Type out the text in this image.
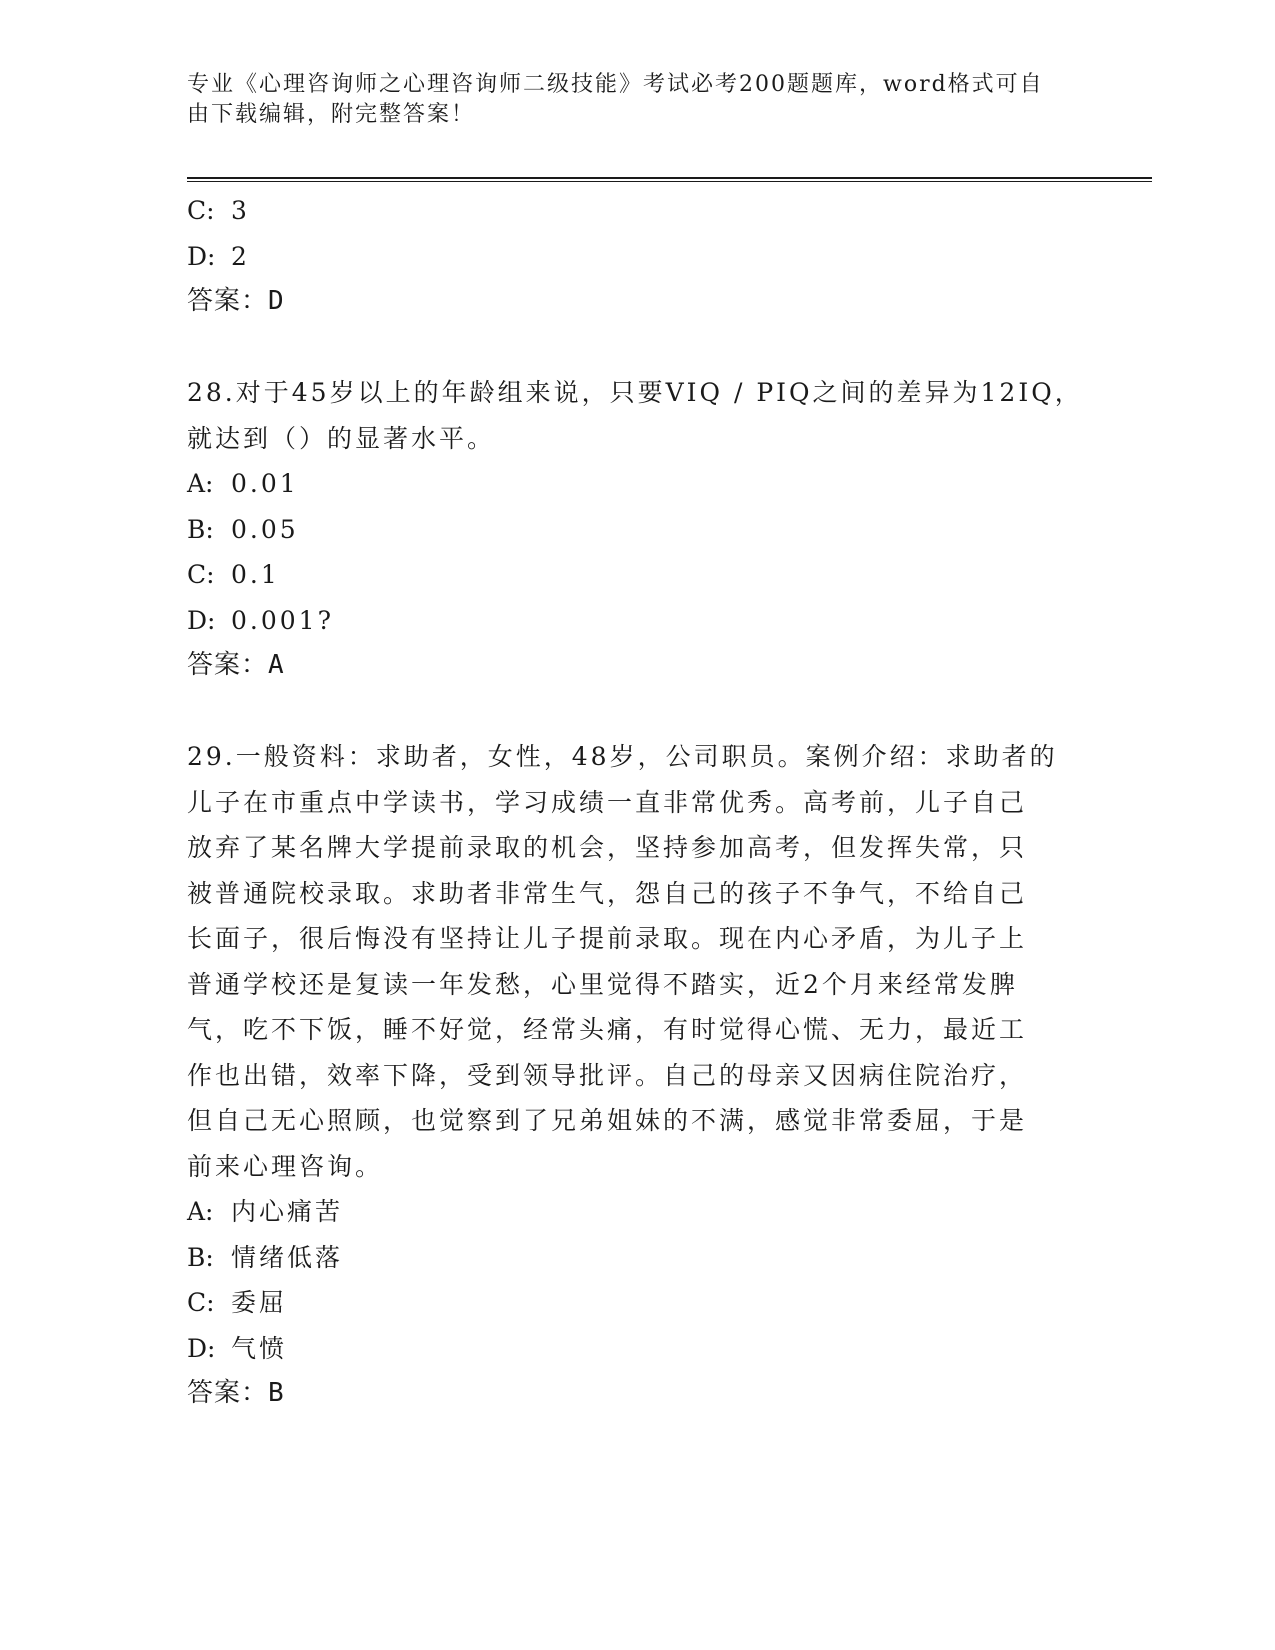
专业《心理咨询师之心理咨询师二级技能》考试必考200题题库，word格式可自
由下载编辑，附完整答案！
C: 3
D: 2
答案：D
28.对于45岁以上的年龄组来说，只要VIQ / PIQ之间的差异为12IQ，
就达到（）的显著水平。
A: 0.01
B: 0.05
C: 0.1
D: 0.001?
答案：A
29.一般资料：求助者，女性，48岁，公司职员。案例介绍：求助者的
儿子在市重点中学读书，学习成绩一直非常优秀。高考前，儿子自己
放弃了某名牌大学提前录取的机会，坚持参加高考，但发挥失常，只
被普通院校录取。求助者非常生气，怨自己的孩子不争气，不给自己
长面子，很后悔没有坚持让儿子提前录取。现在内心矛盾，为儿子上
普通学校还是复读一年发愁，心里觉得不踏实，近2个月来经常发脾
气，吃不下饭，睡不好觉，经常头痛，有时觉得心慌、无力，最近工
作也出错，效率下降，受到领导批评。自己的母亲又因病住院治疗，
但自己无心照顾，也觉察到了兄弟姐妹的不满，感觉非常委屈，于是
前来心理咨询。
A: 内心痛苦
B: 情绪低落
C: 委屈
D: 气愤
答案：B
